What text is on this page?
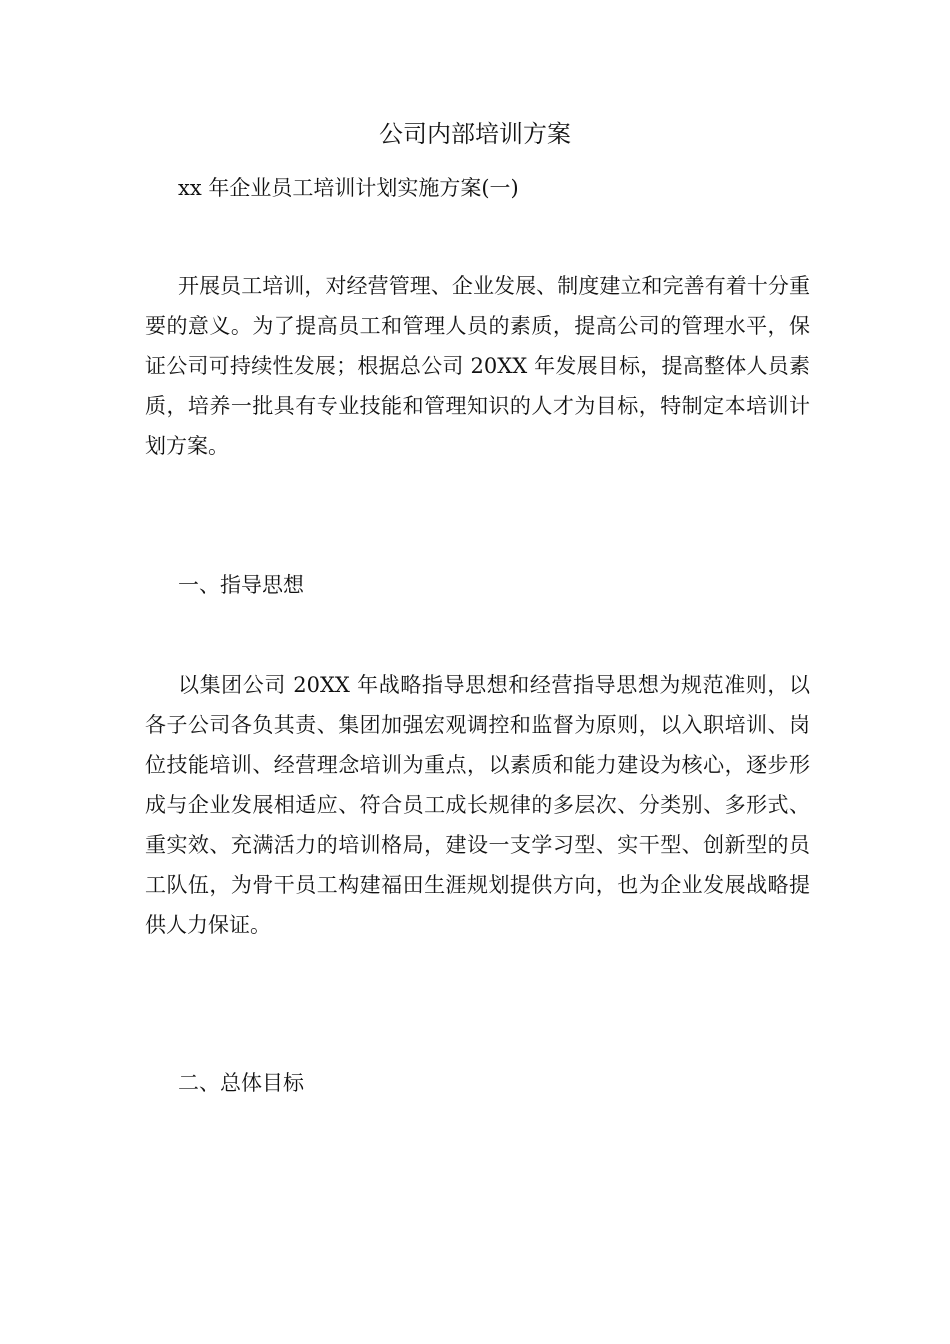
公司内部培训方案
xx 年企业员工培训计划实施方案(一)

开展员工培训，对经营管理、企业发展、制度建立和完善有着十分重要的意义。为了提高员工和管理人员的素质，提高公司的管理水平，保证公司可持续性发展；根据总公司 20XX 年发展目标，提高整体人员素质，培养一批具有专业技能和管理知识的人才为目标，特制定本培训计划方案。

一、指导思想

以集团公司 20XX 年战略指导思想和经营指导思想为规范准则，以各子公司各负其责、集团加强宏观调控和监督为原则，以入职培训、岗位技能培训、经营理念培训为重点，以素质和能力建设为核心，逐步形成与企业发展相适应、符合员工成长规律的多层次、分类别、多形式、重实效、充满活力的培训格局，建设一支学习型、实干型、创新型的员工队伍，为骨干员工构建福田生涯规划提供方向，也为企业发展战略提供人力保证。

二、总体目标
